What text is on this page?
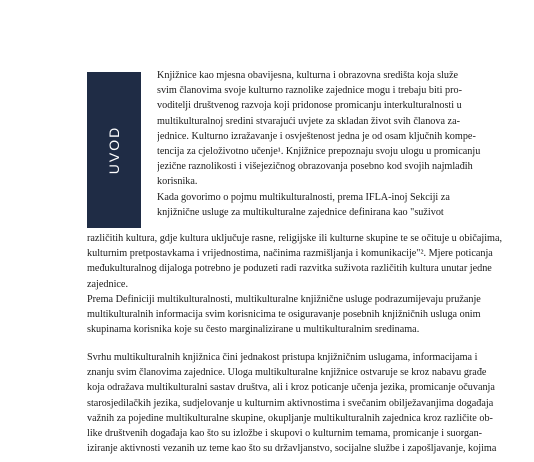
UVOD
Knjižnice kao mjesna obavijesna, kulturna i obrazovna središta koja služe
svim članovima svoje kulturno raznolike zajednice mogu i trebaju biti pro-
voditelji društvenog razvoja koji pridonose promicanju interkulturalnosti u
multikulturalnoj sredini stvarajući uvjete za skladan život svih članova za-
jednice. Kulturno izražavanje i osvještenost jedna je od osam ključnih kompe-
tencija za cjeloživotno učenje¹. Knjižnice prepoznaju svoju ulogu u promicanju
jezične raznolikosti i višejezičnog obrazovanja posebno kod svojih najmlađih
korisnika.
Kada govorimo o pojmu multikulturalnosti, prema IFLA-inoj Sekciji za
knjižnične usluge za multikulturalne zajednice definirana kao "suživot
različitih kultura, gdje kultura uključuje rasne, religijske ili kulturne skupine te se očituje u običajima,
kulturnim pretpostavkama i vrijednostima, načinima razmišljanja i komunikacije"². Mjere poticanja
međukulturalnog dijaloga potrebno je poduzeti radi razvitka suživota različitih kultura unutar jedne
zajednice.
Prema Definiciji multikulturalnosti, multikulturalne knjižnične usluge podrazumijevaju pružanje
multikulturalnih informacija svim korisnicima te osiguravanje posebnih knjižničnih usluga onim
skupinama korisnika koje su često marginalizirane u multikulturalnim sredinama.
Svrhu multikulturalnih knjižnica čini jednakost pristupa knjižničnim uslugama, informacijama i
znanju svim članovima zajednice. Uloga multikulturalne knjižnice ostvaruje se kroz nabavu građe
koja odražava multikulturalni sastav društva, ali i kroz poticanje učenja jezika, promicanje očuvanja
starosjedilačkih jezika, sudjelovanje u kulturnim aktivnostima i svečanim obilježavanjima događaja
važnih za pojedine multikulturalne skupine, okupljanje multikulturalnih zajednica kroz različite ob-
like društvenih događaja kao što su izložbe i skupovi o kulturnim temama, promicanje i suorgan-
iziranje aktivnosti vezanih uz teme kao što su državljanstvo, socijalne službe i zapošljavanje, kojima
